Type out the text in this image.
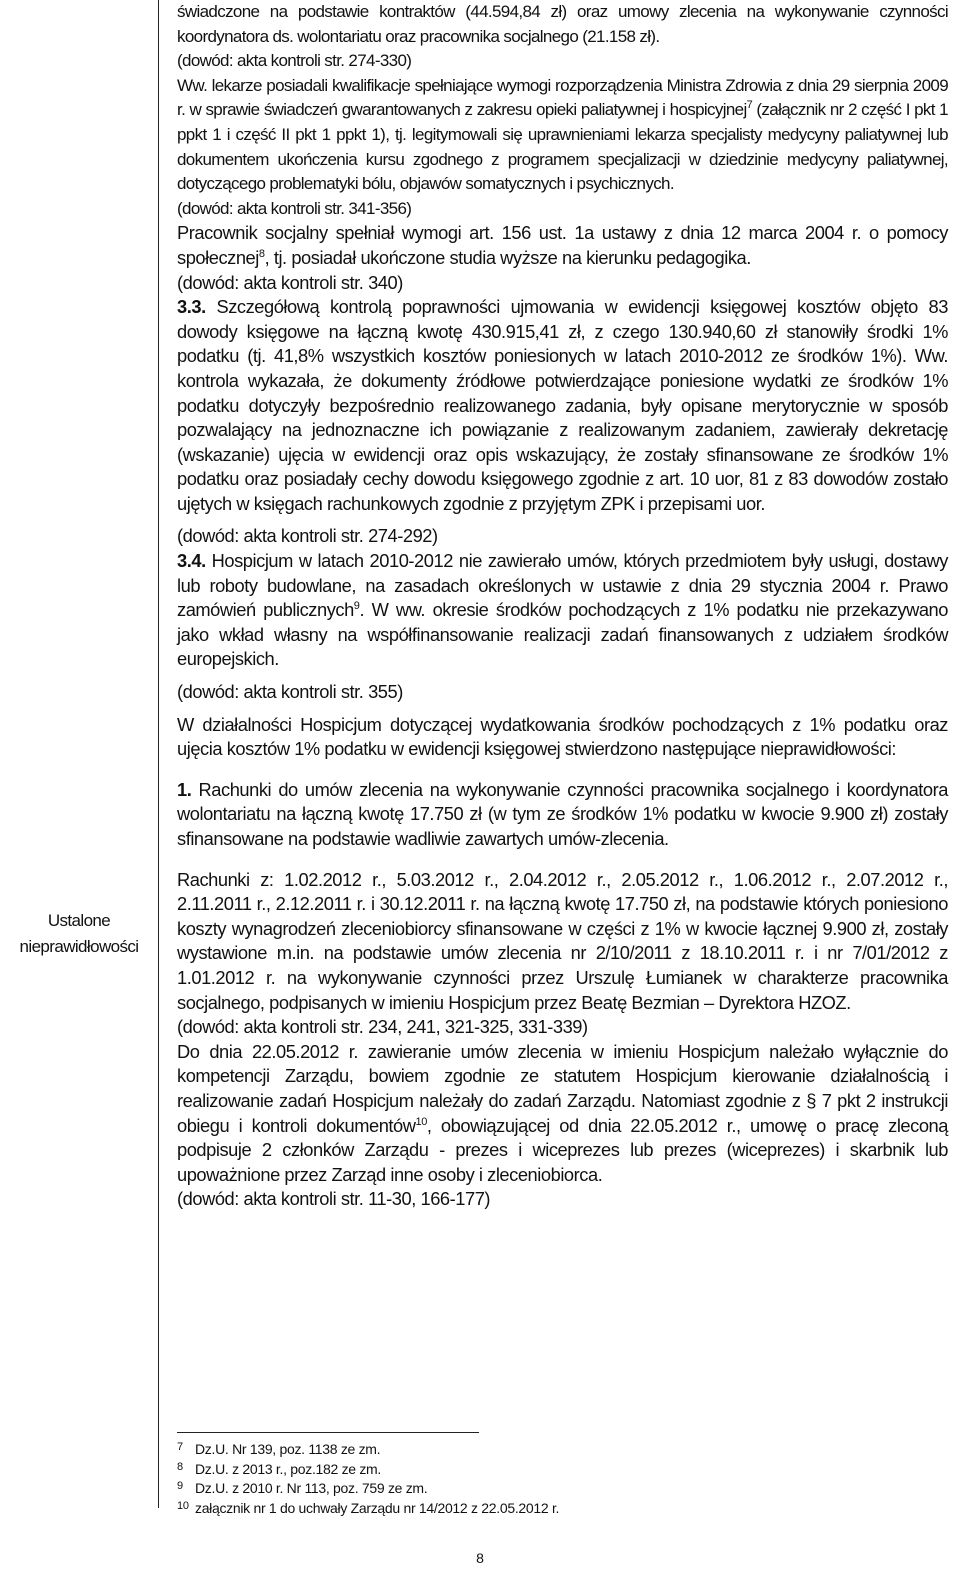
Ustalone
nieprawidłowości

świadczone na podstawie kontraktów (44.594,84 zł) oraz umowy zlecenia na wykonywanie czynności koordynatora ds. wolontariatu oraz pracownika socjalnego (21.158 zł).

(dowód: akta kontroli str. 274-330)

Ww. lekarze posiadali kwalifikacje spełniające wymogi rozporządzenia Ministra Zdrowia z dnia 29 sierpnia 2009 r. w sprawie świadczeń gwarantowanych z zakresu opieki paliatywnej i hospicyjnej$^7$ (załącznik nr 2 część I pkt 1 ppkt 1 i część II pkt 1 ppkt 1), tj. legitymowali się uprawnieniami lekarza specjalisty medycyny paliatywnej lub dokumentem ukończenia kursu zgodnego z programem specjalizacji w dziedzinie medycyny paliatywnej, dotyczącego problematyki bólu, objawów somatycznych i psychicznych.

(dowód: akta kontroli str. 341-356)

Pracownik socjalny spełniał wymogi art. 156 ust. 1a ustawy z dnia 12 marca 2004 r. o pomocy społecznej$^8$, tj. posiadał ukończone studia wyższe na kierunku pedagogika.

(dowód: akta kontroli str. 340)

3.3. Szczegółową kontrolą poprawności ujmowania w ewidencji księgowej kosztów objęto 83 dowody księgowe na łączną kwotę 430.915,41 zł, z czego 130.940,60 zł stanowiły środki 1% podatku (tj. 41,8% wszystkich kosztów poniesionych w latach 2010-2012 ze środków 1%). Ww. kontrola wykazała, że dokumenty źródłowe potwierdzające poniesione wydatki ze środków 1% podatku dotyczyły bezpośrednio realizowanego zadania, były opisane merytorycznie w sposób pozwalający na jednoznaczne ich powiązanie z realizowanym zadaniem, zawierały dekretację (wskazanie) ujęcia w ewidencji oraz opis wskazujący, że zostały sfinansowane ze środków 1% podatku oraz posiadały cechy dowodu księgowego zgodnie z art. 10 uor, 81 z 83 dowodów zostało ujętych w księgach rachunkowych zgodnie z przyjętym ZPK i przepisami uor.

(dowód: akta kontroli str. 274-292)

3.4. Hospicjum w latach 2010-2012 nie zawierało umów, których przedmiotem były usługi, dostawy lub roboty budowlane, na zasadach określonych w ustawie z dnia 29 stycznia 2004 r. Prawo zamówień publicznych$^9$. W ww. okresie środków pochodzących z 1% podatku nie przekazywano jako wkład własny na współfinansowanie realizacji zadań finansowanych z udziałem środków europejskich.

(dowód: akta kontroli str. 355)

W działalności Hospicjum dotyczącej wydatkowania środków pochodzących z 1% podatku oraz ujęcia kosztów 1% podatku w ewidencji księgowej stwierdzono następujące nieprawidłowości:

1. Rachunki do umów zlecenia na wykonywanie czynności pracownika socjalnego i koordynatora wolontariatu na łączną kwotę 17.750 zł (w tym ze środków 1% podatku w kwocie 9.900 zł) zostały sfinansowane na podstawie wadliwie zawartych umów-zlecenia.

Rachunki z: 1.02.2012 r., 5.03.2012 r., 2.04.2012 r., 2.05.2012 r., 1.06.2012 r., 2.07.2012 r., 2.11.2011 r., 2.12.2011 r. i 30.12.2011 r. na łączną kwotę 17.750 zł, na podstawie których poniesiono koszty wynagrodzeń zleceniobiorcy sfinansowane w części z 1% w kwocie łącznej 9.900 zł, zostały wystawione m.in. na podstawie umów zlecenia nr 2/10/2011 z 18.10.2011 r. i nr 7/01/2012 z 1.01.2012 r. na wykonywanie czynności przez Urszulę Łumianek w charakterze pracownika socjalnego, podpisanych w imieniu Hospicjum przez Beatę Bezmian – Dyrektora HZOZ.

(dowód: akta kontroli str. 234, 241, 321-325, 331-339)

Do dnia 22.05.2012 r. zawieranie umów zlecenia w imieniu Hospicjum należało wyłącznie do kompetencji Zarządu, bowiem zgodnie ze statutem Hospicjum kierowanie działalnością i realizowanie zadań Hospicjum należały do zadań Zarządu. Natomiast zgodnie z § 7 pkt 2 instrukcji obiegu i kontroli dokumentów$^{10}$, obowiązującej od dnia 22.05.2012 r., umowę o pracę zleconą podpisuje 2 członków Zarządu - prezes i wiceprezes lub prezes (wiceprezes) i skarbnik lub upoważnione przez Zarząd inne osoby i zleceniobiorca.

(dowód: akta kontroli str. 11-30, 166-177)

7 Dz.U. Nr 139, poz. 1138 ze zm.
8 Dz.U. z 2013 r., poz.182 ze zm.
9 Dz.U. z 2010 r. Nr 113, poz. 759 ze zm.
10 załącznik nr 1 do uchwały Zarządu nr 14/2012 z 22.05.2012 r.
8
